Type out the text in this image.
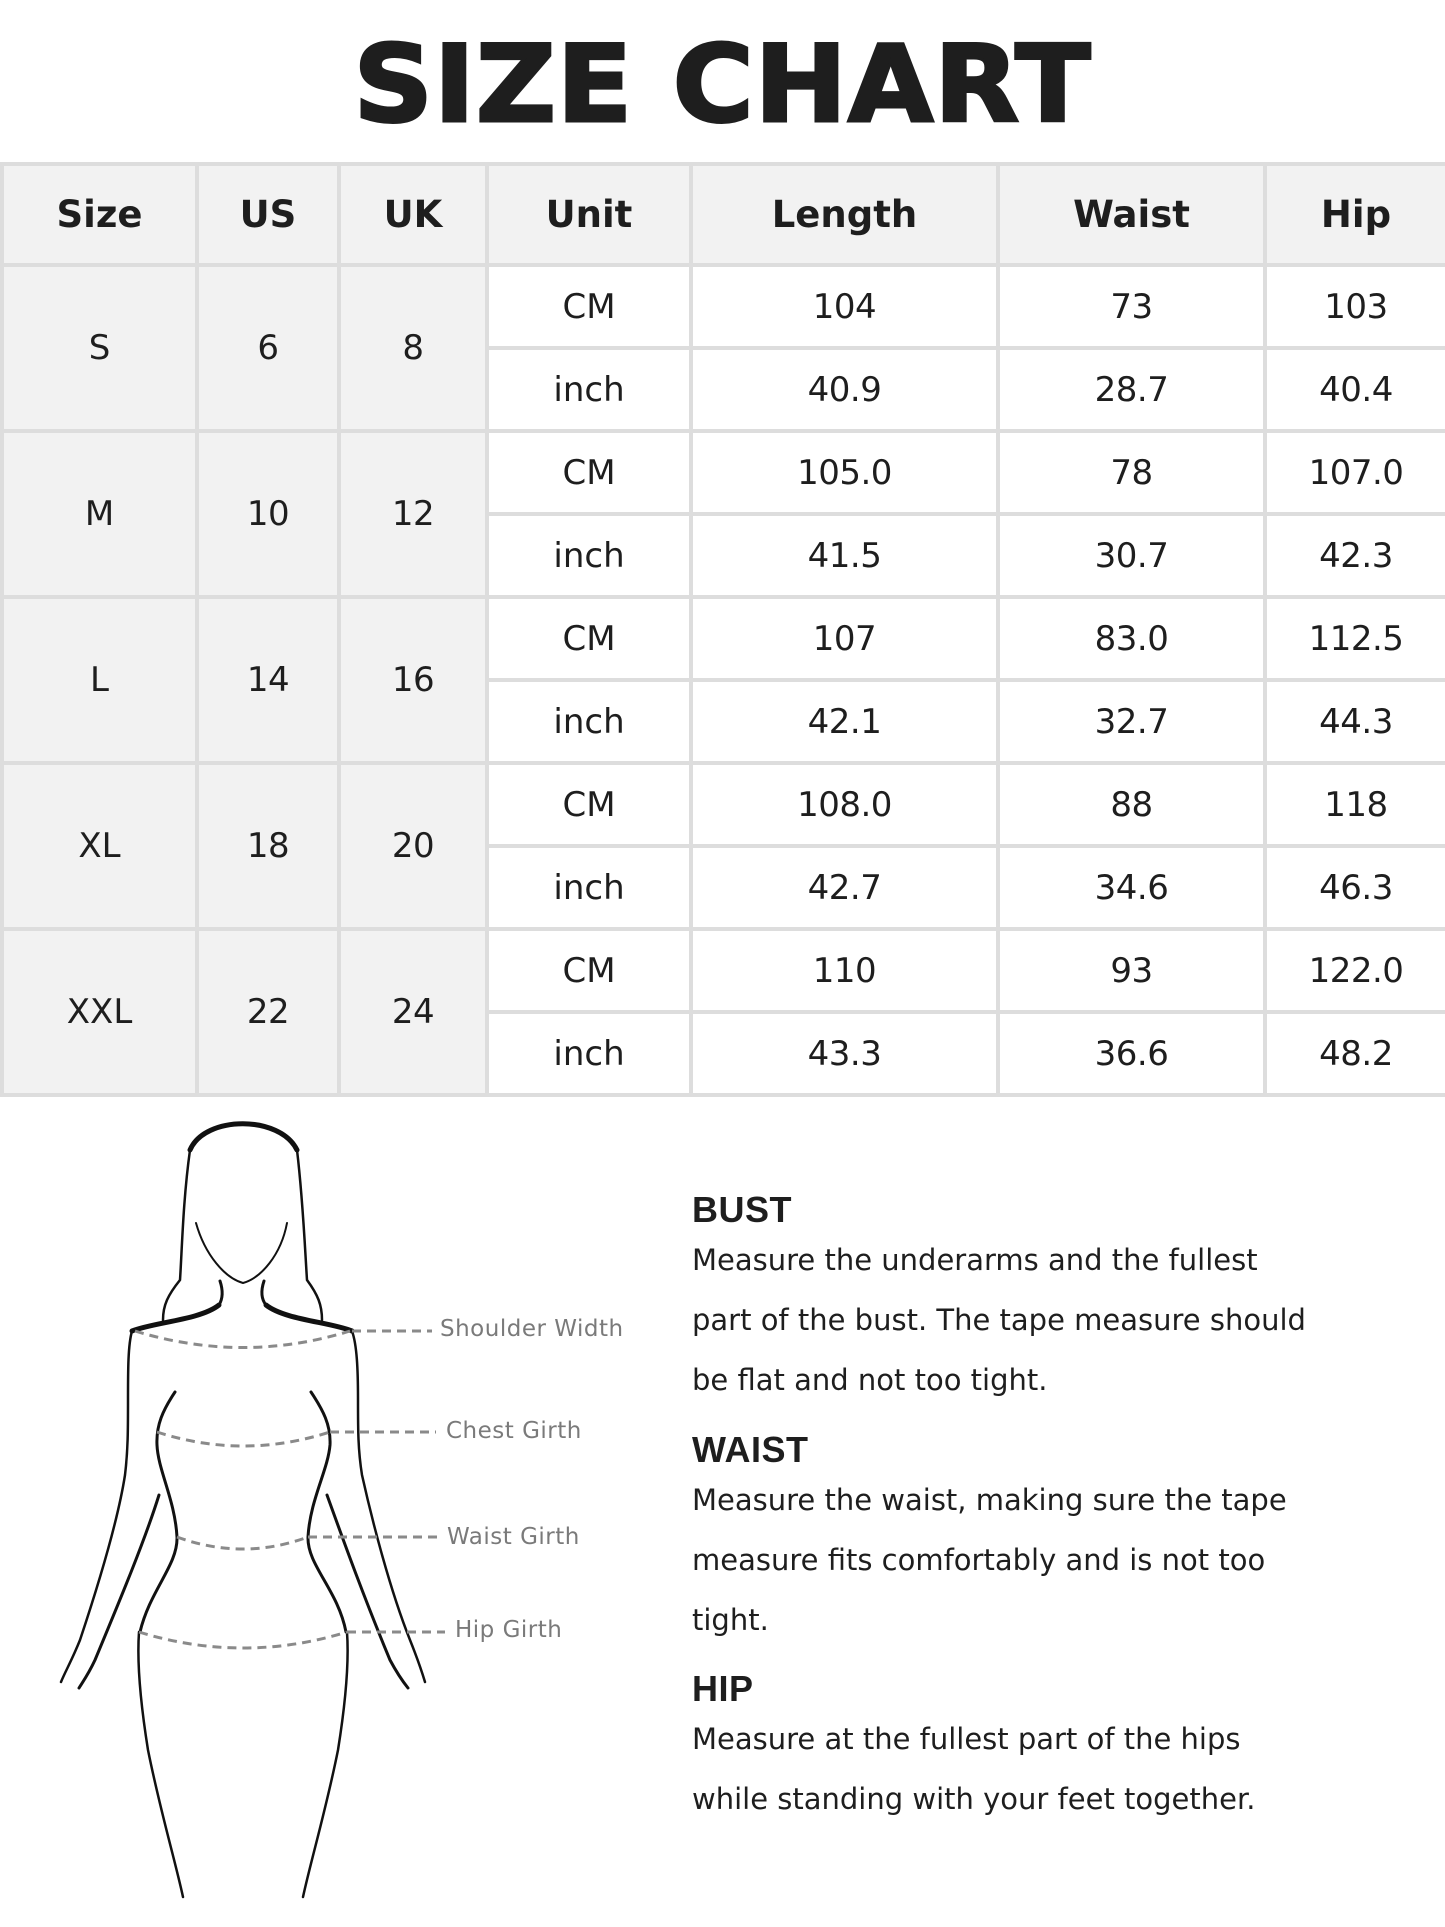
SIZE CHART
Size	US	UK	Unit	Length	Waist	Hip
S	6	8	CM	104	73	103
			inch	40.9	28.7	40.4
M	10	12	CM	105.0	78	107.0
			inch	41.5	30.7	42.3
L	14	16	CM	107	83.0	112.5
			inch	42.1	32.7	44.3
XL	18	20	CM	108.0	88	118
			inch	42.7	34.6	46.3
XXL	22	24	CM	110	93	122.0
			inch	43.3	36.6	48.2
Shoulder Width
Chest Girth
Waist Girth
Hip Girth
BUST

Measure the underarms and the fullest

part of the bust. The tape measure should

be flat and not too tight.

WAIST

Measure the waist, making sure the tape

measure fits comfortably and is not too

tight.

HIP

Measure at the fullest part of the hips

while standing with your feet together.
